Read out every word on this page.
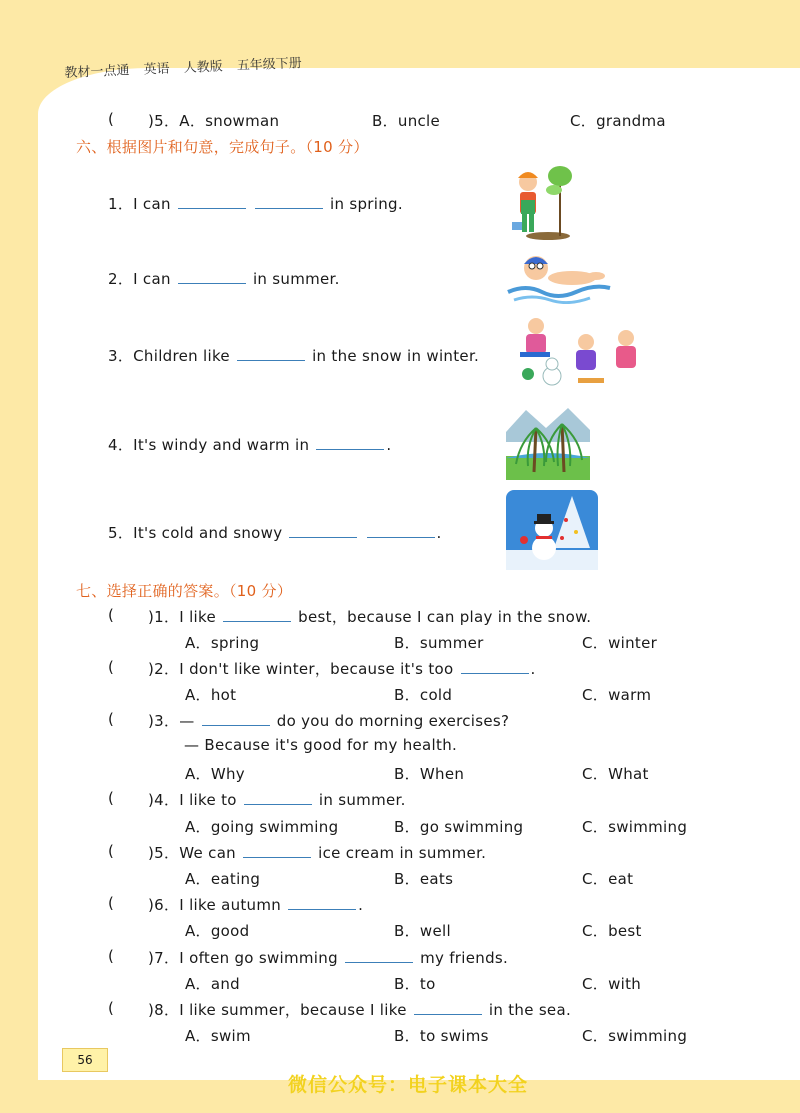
教材一点通 英语 人教版 五年级下册
( )5．A．snowman	B．uncle	C．grandma
六、根据图片和句意，完成句子。（10 分）
1．I can	in spring.
2．I can	in summer.
3．Children like	in the snow in winter.
4．It's windy and warm in	.
5．It's cold and snowy	.
七、选择正确的答案。（10 分）
( )1．I like	best，because I can play in the snow.
A．spring	B．summer	C．winter
( )2．I don't like winter，because it's too	.
A．hot	B．cold	C．warm
( )3．—	do you do morning exercises?
— Because it's good for my health.
A．Why	B．When	C．What
( )4．I like to	in summer.
A．going swimming	B．go swimming	C．swimming
( )5．We can	ice cream in summer.
A．eating	B．eats	C．eat
( )6．I like autumn	.
A．good	B．well	C．best
( )7．I often go swimming	my friends.
A．and	B．to	C．with
( )8．I like summer，because I like	in the sea.
A．swim	B．to swims	C．swimming
56
微信公众号：电子课本大全
